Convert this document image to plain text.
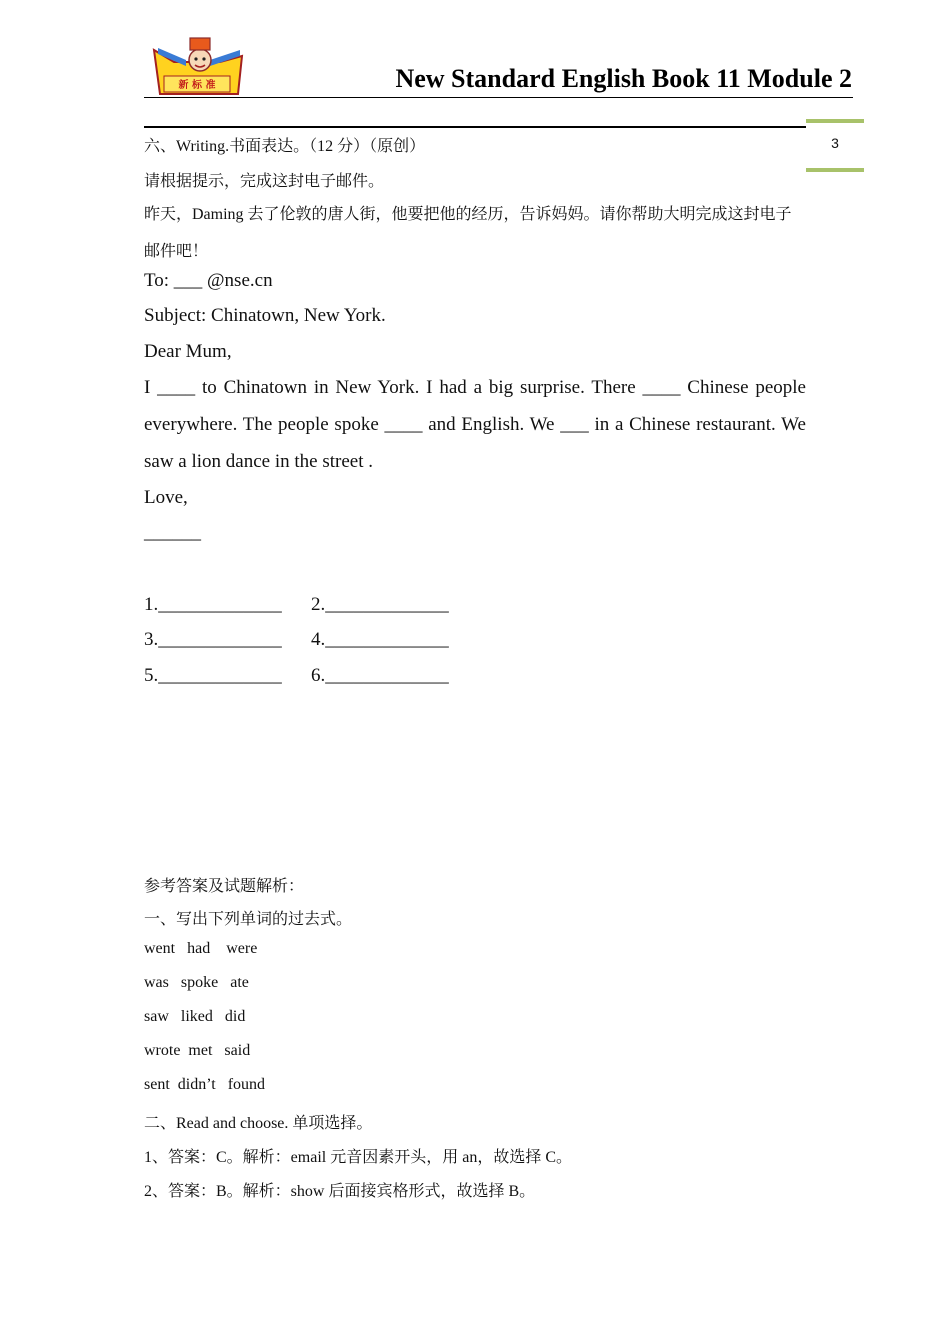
新 标 准	New Standard English Book 11 Module 2
3
六、Writing.书面表达。（12 分）（原创）
请根据提示，完成这封电子邮件。
昨天，Daming 去了伦敦的唐人街，他要把他的经历，告诉妈妈。请你帮助大明完成这封电子
邮件吧！
To: ___ @nse.cn
Subject: Chinatown, New York.
Dear Mum,
I ____ to Chinatown in New York. I had a big surprise. There ____ Chinese people
everywhere. The people spoke ____ and English. We ___ in a Chinese restaurant. We
saw a lion dance in the street .
Love,
______
1._____________ 2._____________
3._____________ 4._____________
5._____________ 6._____________
参考答案及试题解析：
一、写出下列单词的过去式。
went   had    were
was   spoke   ate
saw   liked   did
wrote  met   said
sent  didn’t   found
二、Read and choose. 单项选择。
1、答案：C。解析：email 元音因素开头，用 an，故选择 C。
2、答案：B。解析：show 后面接宾格形式，故选择 B。
